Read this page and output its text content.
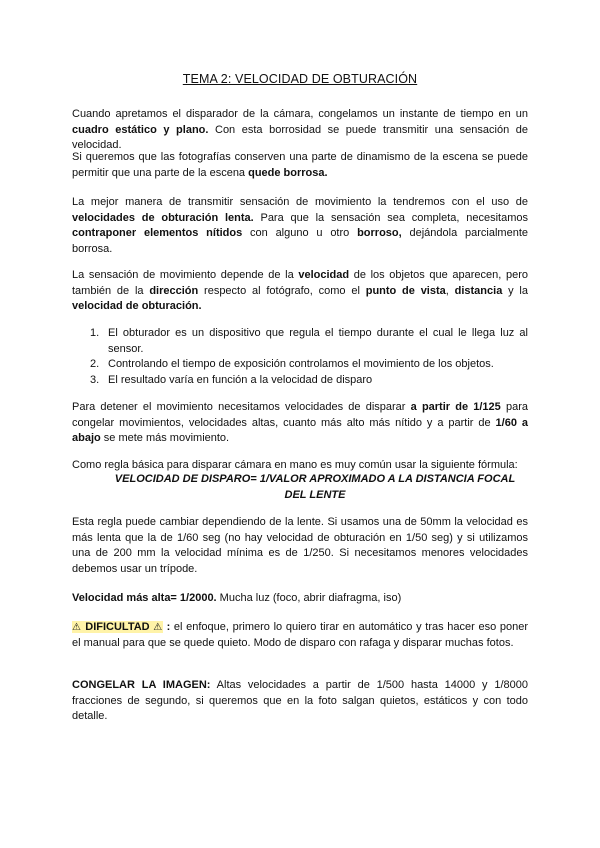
TEMA 2: VELOCIDAD DE OBTURACIÓN

Cuando apretamos el disparador de la cámara, congelamos un instante de tiempo en un cuadro estático y plano. Con esta borrosidad se puede transmitir una sensación de velocidad.

Si queremos que las fotografías conserven una parte de dinamismo de la escena se puede permitir que una parte de la escena quede borrosa.

La mejor manera de transmitir sensación de movimiento la tendremos con el uso de velocidades de obturación lenta. Para que la sensación sea completa, necesitamos contraponer elementos nítidos con alguno u otro borroso, dejándola parcialmente borrosa.

La sensación de movimiento depende de la velocidad de los objetos que aparecen, pero también de la dirección respecto al fotógrafo, como el punto de vista, distancia y la velocidad de obturación.

1. El obturador es un dispositivo que regula el tiempo durante el cual le llega luz al sensor.
2. Controlando el tiempo de exposición controlamos el movimiento de los objetos.
3. El resultado varía en función a la velocidad de disparo

Para detener el movimiento necesitamos velocidades de disparar a partir de 1/125 para congelar movimientos, velocidades altas, cuanto más alto más nítido y a partir de 1/60 a abajo se mete más movimiento.

Como regla básica para disparar cámara en mano es muy común usar la siguiente fórmula:

VELOCIDAD DE DISPARO= 1/VALOR APROXIMADO A LA DISTANCIA FOCAL
DEL LENTE

Esta regla puede cambiar dependiendo de la lente. Si usamos una de 50mm la velocidad es más lenta que la de 1/60 seg (no hay velocidad de obturación en 1/50 seg) y si utilizamos una de 200 mm la velocidad mínima es de 1/250. Si necesitamos menores velocidades debemos usar un trípode.

Velocidad más alta= 1/2000. Mucha luz (foco, abrir diafragma, iso)

⚠ DIFICULTAD ⚠ : el enfoque, primero lo quiero tirar en automático y tras hacer eso poner el manual para que se quede quieto. Modo de disparo con rafaga y disparar muchas fotos.

CONGELAR LA IMAGEN: Altas velocidades a partir de 1/500 hasta 14000 y 1/8000 fracciones de segundo, si queremos que en la foto salgan quietos, estáticos y con todo detalle.
